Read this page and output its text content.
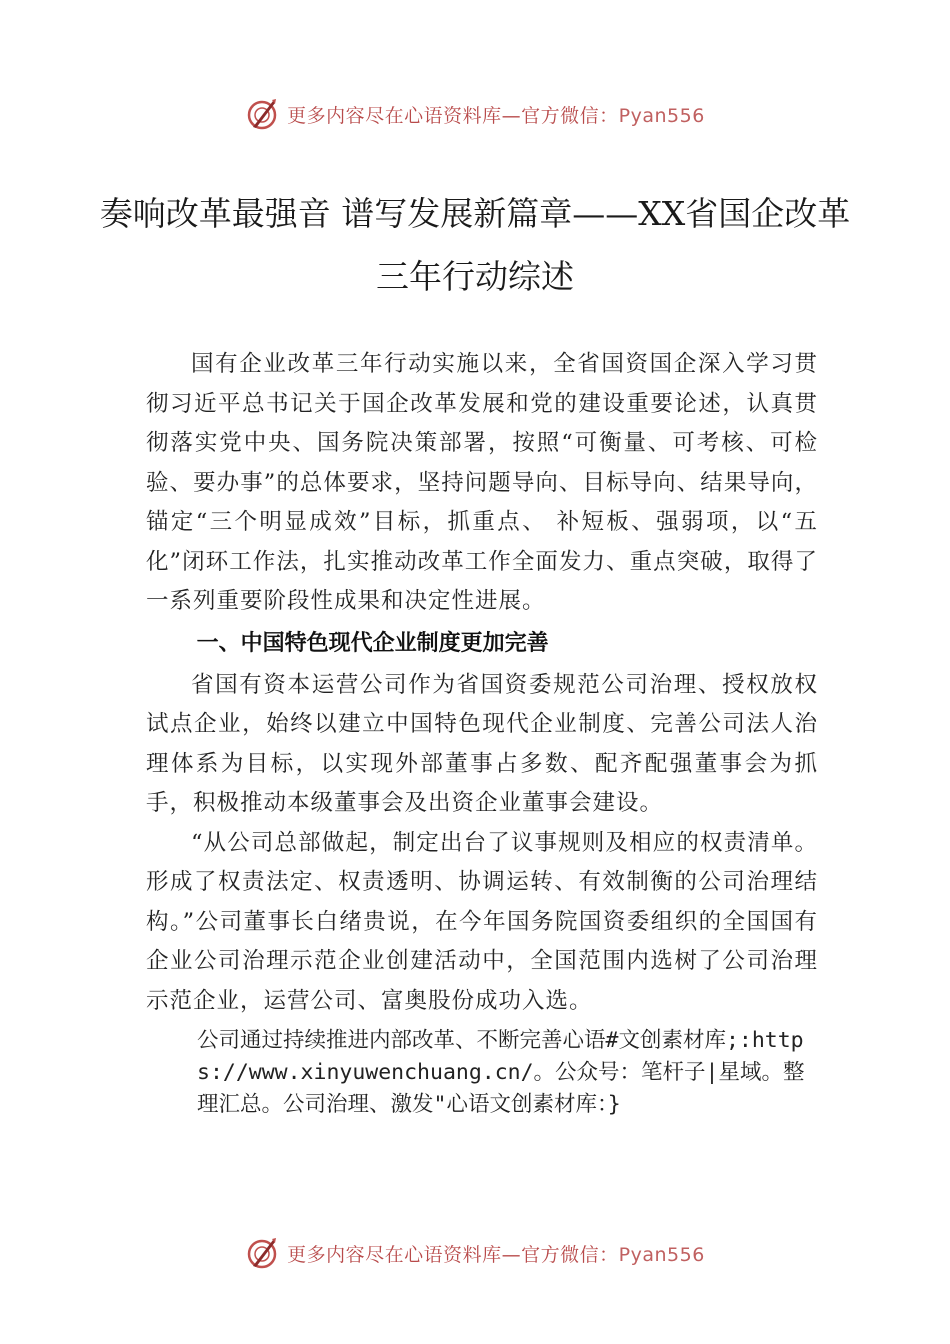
更多内容尽在心语资料库—官方微信：Pyan556
奏响改革最强音 谱写发展新篇章——XX省国企改革三年行动综述

国有企业改革三年行动实施以来，全省国资国企深入学习贯彻习近平总书记关于国企改革发展和党的建设重要论述，认真贯彻落实党中央、国务院决策部署，按照“可衡量、可考核、可检验、要办事”的总体要求，坚持问题导向、目标导向、结果导向，锚定“三个明显成效”目标，抓重点、 补短板、强弱项，以“五化”闭环工作法，扎实推动改革工作全面发力、重点突破，取得了一系列重要阶段性成果和决定性进展。

一、中国特色现代企业制度更加完善

省国有资本运营公司作为省国资委规范公司治理、授权放权试点企业，始终以建立中国特色现代企业制度、完善公司法人治理体系为目标，以实现外部董事占多数、配齐配强董事会为抓手，积极推动本级董事会及出资企业董事会建设。

“从公司总部做起，制定出台了议事规则及相应的权责清单。形成了权责法定、权责透明、协调运转、有效制衡的公司治理结构。”公司董事长白绪贵说，在今年国务院国资委组织的全国国有企业公司治理示范企业创建活动中，全国范围内选树了公司治理示范企业，运营公司、富奥股份成功入选。

公司通过持续推进内部改革、不断完善心语#文创素材库;:https://www.xinyuwenchuang.cn/。公众号：笔杆子|星域。整理汇总。公司治理、激发"心语文创素材库：}
更多内容尽在心语资料库—官方微信：Pyan556
